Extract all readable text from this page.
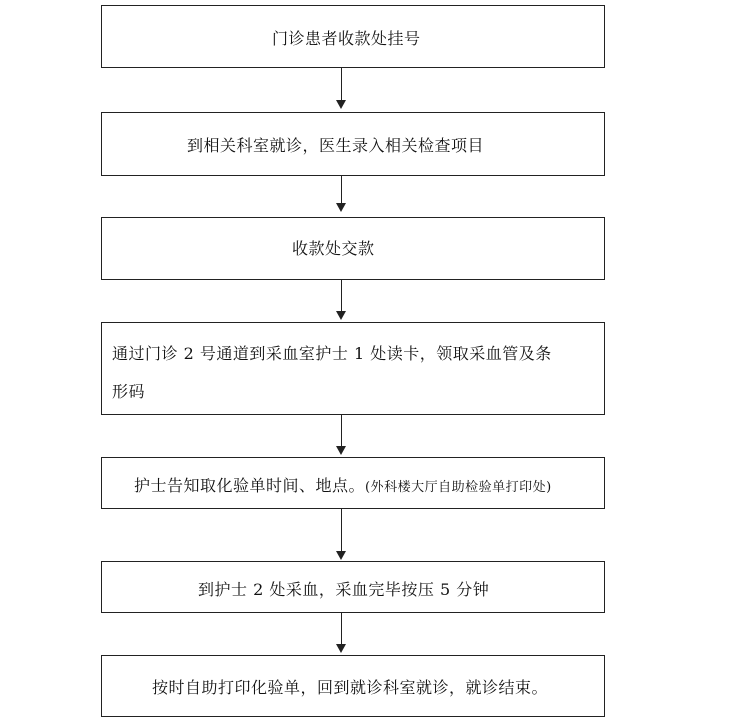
门诊患者收款处挂号
到相关科室就诊，医生录入相关检查项目
收款处交款
通过门诊 2 号通道到采血室护士 1 处读卡，领取采血管及条
形码
护士告知取化验单时间、地点。(外科楼大厅自助检验单打印处)
到护士 2 处采血，采血完毕按压 5 分钟
按时自助打印化验单，回到就诊科室就诊，就诊结束。
